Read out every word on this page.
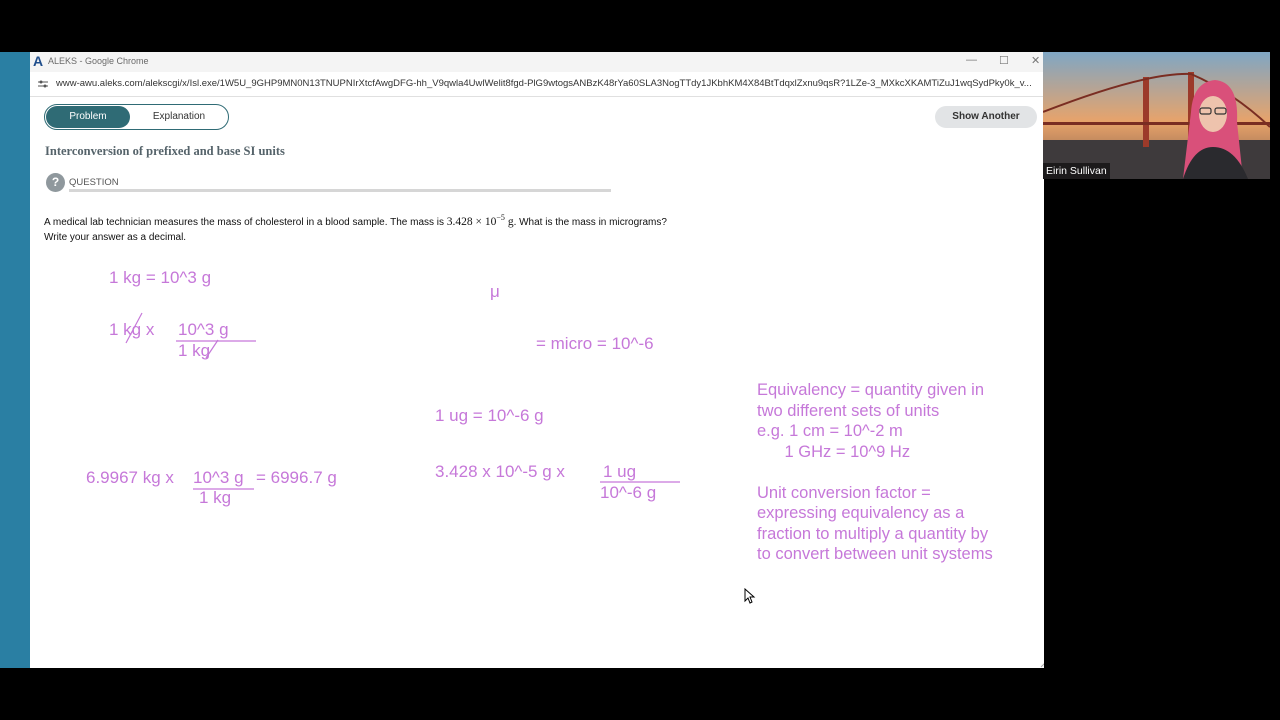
A ALEKS - Google Chrome	— ☐ ✕
www-awu.aleks.com/alekscgi/x/Isl.exe/1W5U_9GHP9MN0N13TNUPNIrXtcfAwgDFG-hh_V9qwla4UwlWelit8fgd-PlG9wtogsANBzK48rYa60SLA3NogTTdy1JKbhKM4X84BtTdqxlZxnu9qsR?1LZe-3_MXkcXKAMTiZuJ1wqSydPky0k_v...
Problem	Explanation	Show Another
Interconversion of prefixed and base SI units
?	QUESTION
A medical lab technician measures the mass of cholesterol in a blood sample. The mass is $3.428 \times 10^{-5}$ g. What is the mass in micrograms? Write your answer as a decimal.
1 kg = 10^3 g
1 kg x 10^3 g
1 kg
6.9967 kg x 10^3 g = 6996.7 g
1 kg
μ
= micro = 10^-6
1 ug = 10^-6 g
3.428 x 10^-5 g x 1 ug
10^-6 g
Equivalency = quantity given in
two different sets of units
e.g. 1 cm = 10^-2 m
1 GHz = 10^9 Hz
Unit conversion factor =
expressing equivalency as a
fraction to multiply a quantity by
to convert between unit systems
Eirin Sullivan
